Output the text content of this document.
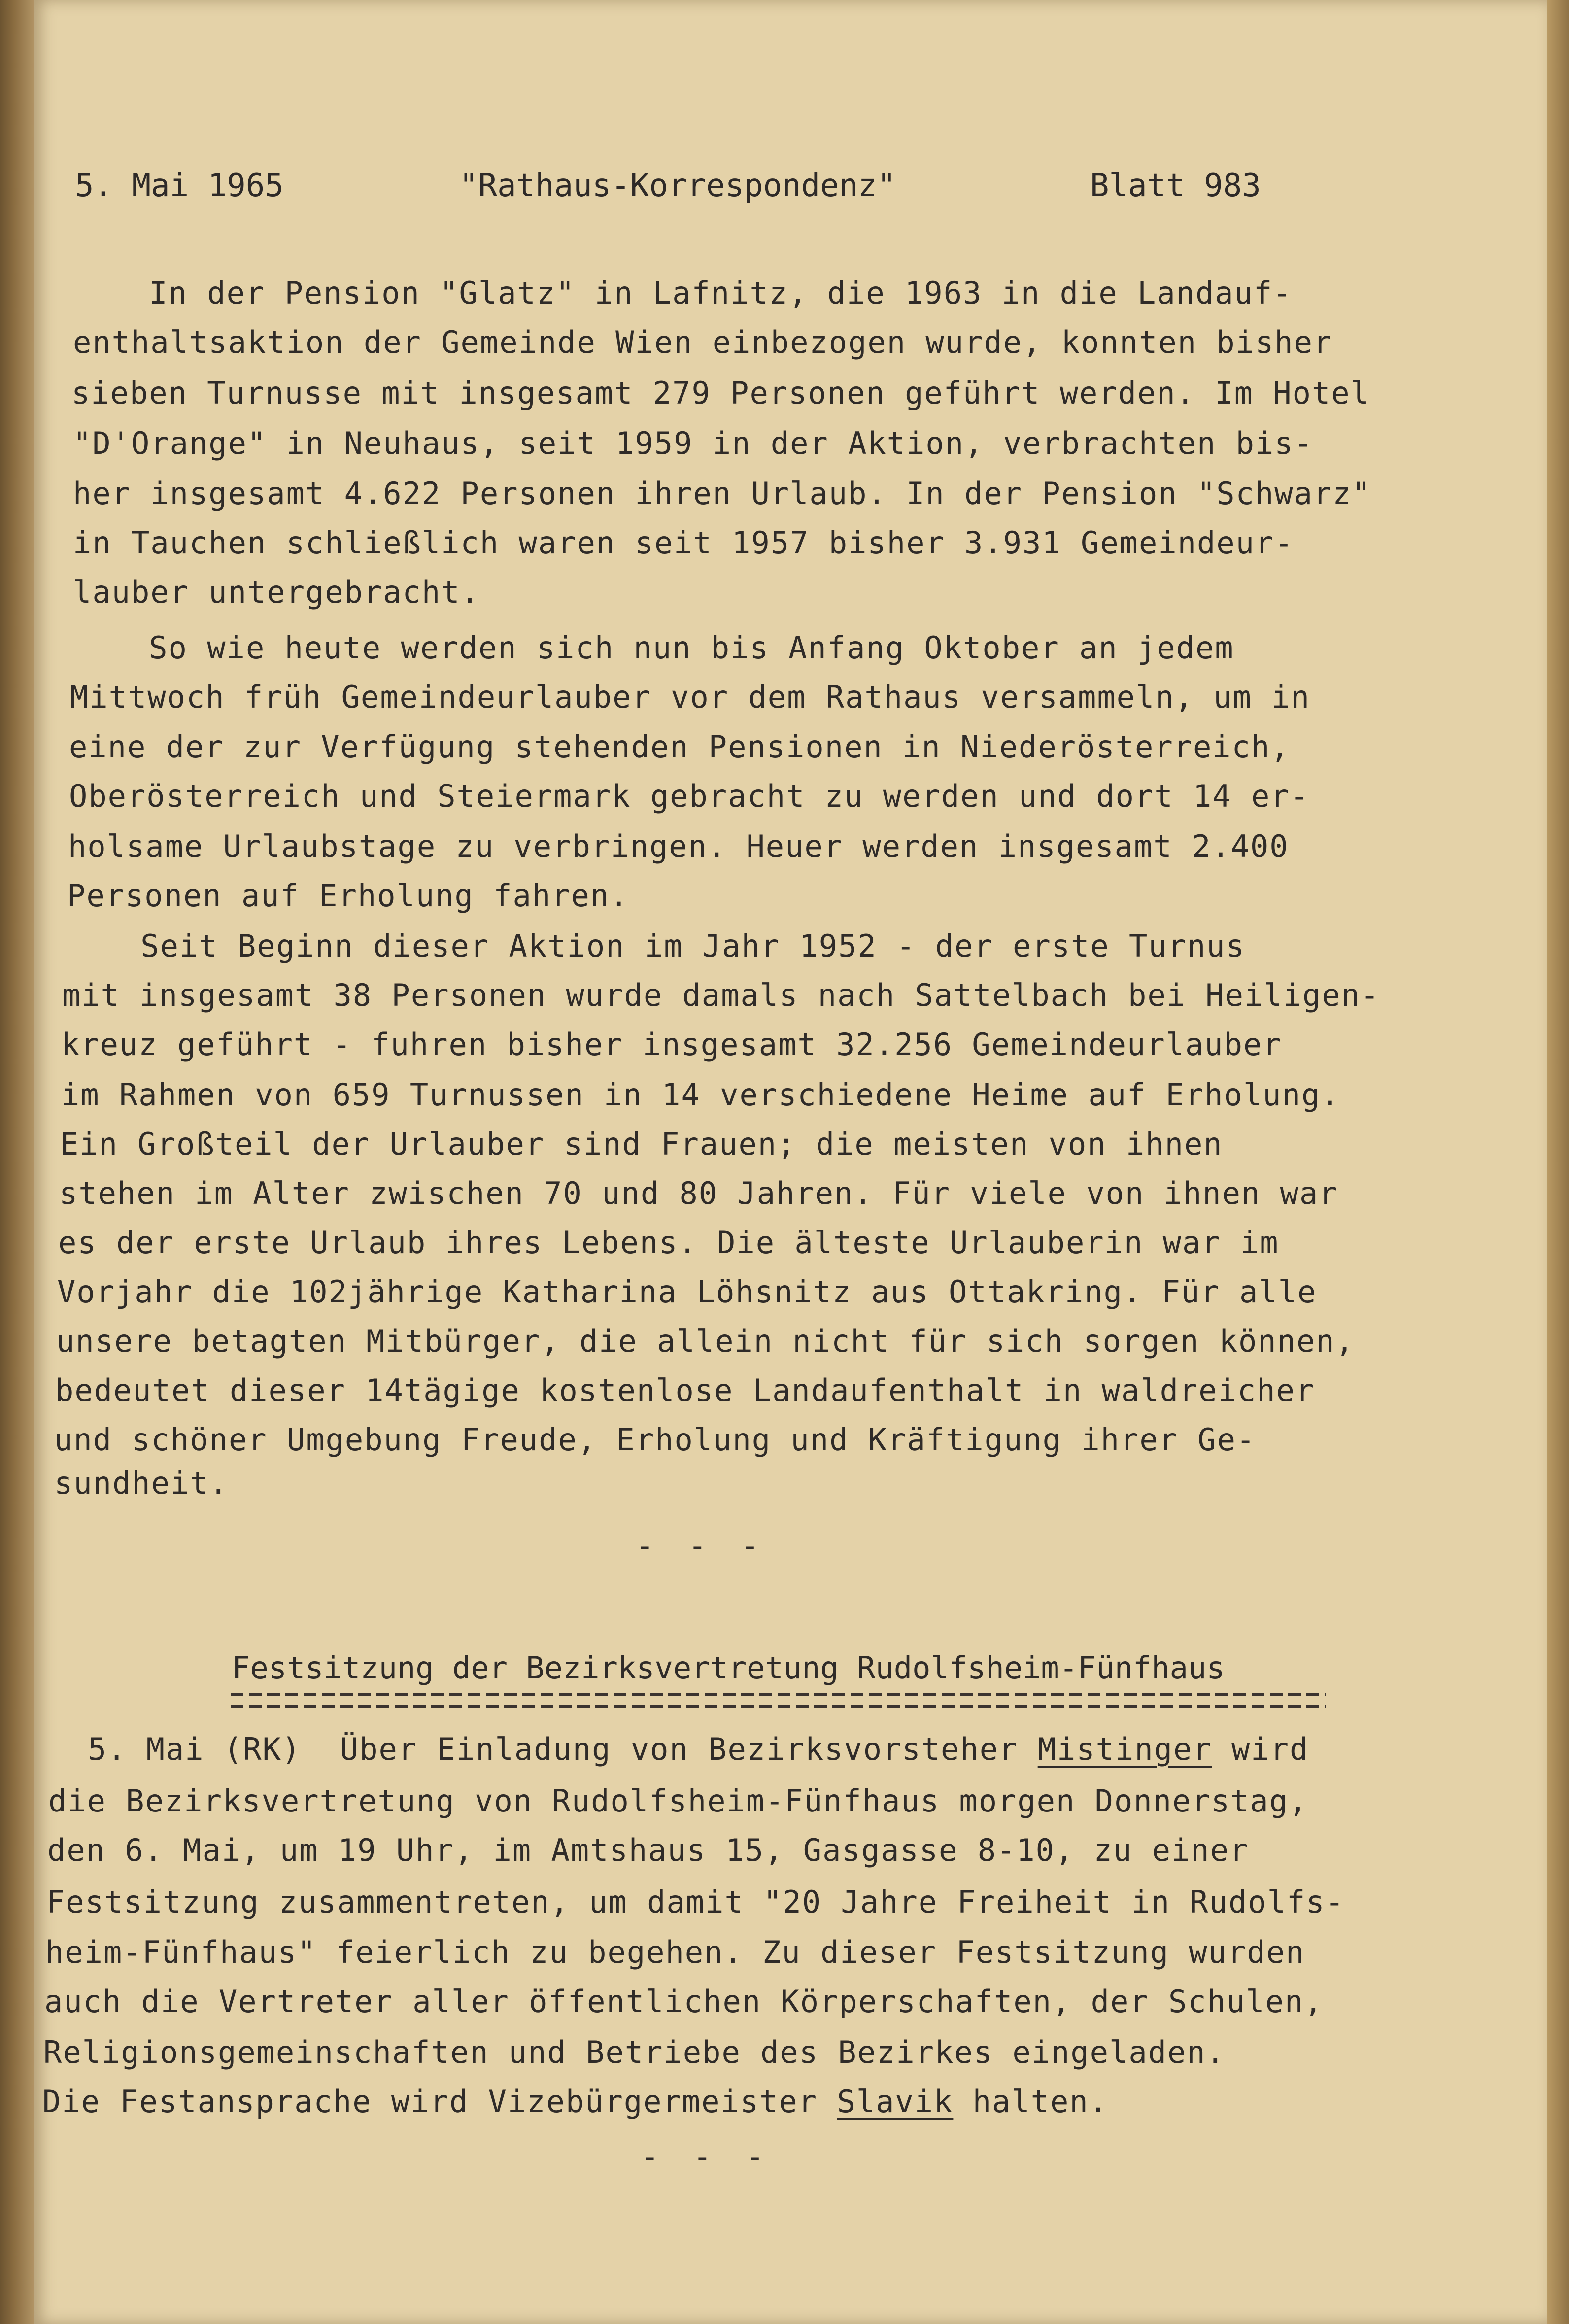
5. Mai 1965	"Rathaus-Korrespondenz"	Blatt 983
In der Pension "Glatz" in Lafnitz, die 1963 in die Landauf-
enthaltsaktion der Gemeinde Wien einbezogen wurde, konnten bisher
sieben Turnusse mit insgesamt 279 Personen geführt werden. Im Hotel
"D'Orange" in Neuhaus, seit 1959 in der Aktion, verbrachten bis-
her insgesamt 4.622 Personen ihren Urlaub. In der Pension "Schwarz"
in Tauchen schließlich waren seit 1957 bisher 3.931 Gemeindeur-
lauber untergebracht.
So wie heute werden sich nun bis Anfang Oktober an jedem
Mittwoch früh Gemeindeurlauber vor dem Rathaus versammeln, um in
eine der zur Verfügung stehenden Pensionen in Niederösterreich,
Oberösterreich und Steiermark gebracht zu werden und dort 14 er-
holsame Urlaubstage zu verbringen. Heuer werden insgesamt 2.400
Personen auf Erholung fahren.
Seit Beginn dieser Aktion im Jahr 1952 - der erste Turnus
mit insgesamt 38 Personen wurde damals nach Sattelbach bei Heiligen-
kreuz geführt - fuhren bisher insgesamt 32.256 Gemeindeurlauber
im Rahmen von 659 Turnussen in 14 verschiedene Heime auf Erholung.
Ein Großteil der Urlauber sind Frauen; die meisten von ihnen
stehen im Alter zwischen 70 und 80 Jahren. Für viele von ihnen war
es der erste Urlaub ihres Lebens. Die älteste Urlauberin war im
Vorjahr die 102jährige Katharina Löhsnitz aus Ottakring. Für alle
unsere betagten Mitbürger, die allein nicht für sich sorgen können,
bedeutet dieser 14tägige kostenlose Landaufenthalt in waldreicher
und schöner Umgebung Freude, Erholung und Kräftigung ihrer Ge-
sundheit.
- - -
Festsitzung der Bezirksvertretung Rudolfsheim-Fünfhaus
5. Mai (RK)  Über Einladung von Bezirksvorsteher Mistinger wird
die Bezirksvertretung von Rudolfsheim-Fünfhaus morgen Donnerstag,
den 6. Mai, um 19 Uhr, im Amtshaus 15, Gasgasse 8-10, zu einer
Festsitzung zusammentreten, um damit "20 Jahre Freiheit in Rudolfs-
heim-Fünfhaus" feierlich zu begehen. Zu dieser Festsitzung wurden
auch die Vertreter aller öffentlichen Körperschaften, der Schulen,
Religionsgemeinschaften und Betriebe des Bezirkes eingeladen.
Die Festansprache wird Vizebürgermeister Slavik halten.
- - -
